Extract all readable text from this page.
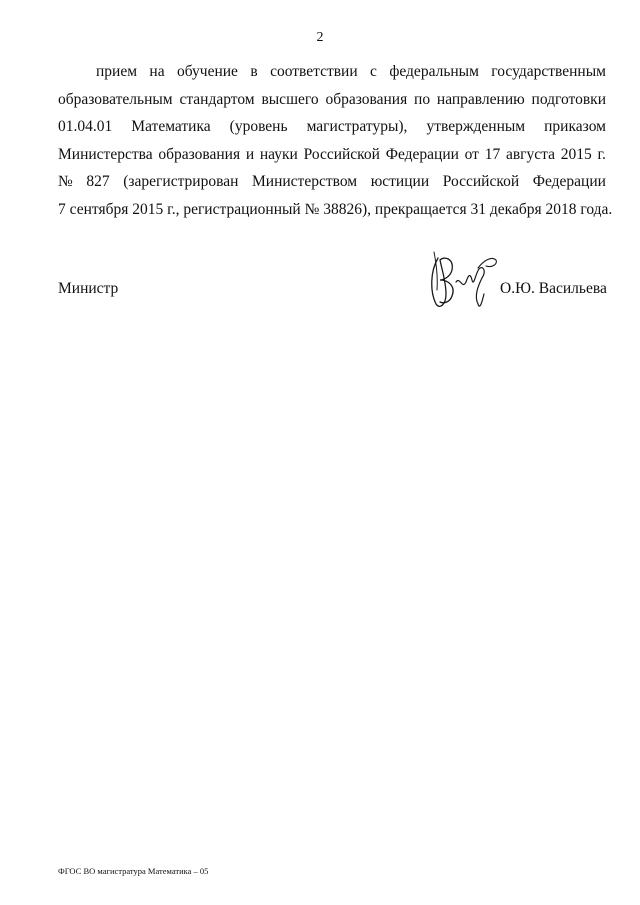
2
прием на обучение в соответствии с федеральным государственным
образовательным стандартом высшего образования по направлению подготовки
01.04.01 Математика (уровень магистратуры), утвержденным приказом
Министерства образования и науки Российской Федерации от 17 августа 2015 г.
№ 827 (зарегистрирован Министерством юстиции Российской Федерации
7 сентября 2015 г., регистрационный № 38826), прекращается 31 декабря 2018 года.
Министр	О.Ю. Васильева
ФГОС ВО магистратура Математика – 05
